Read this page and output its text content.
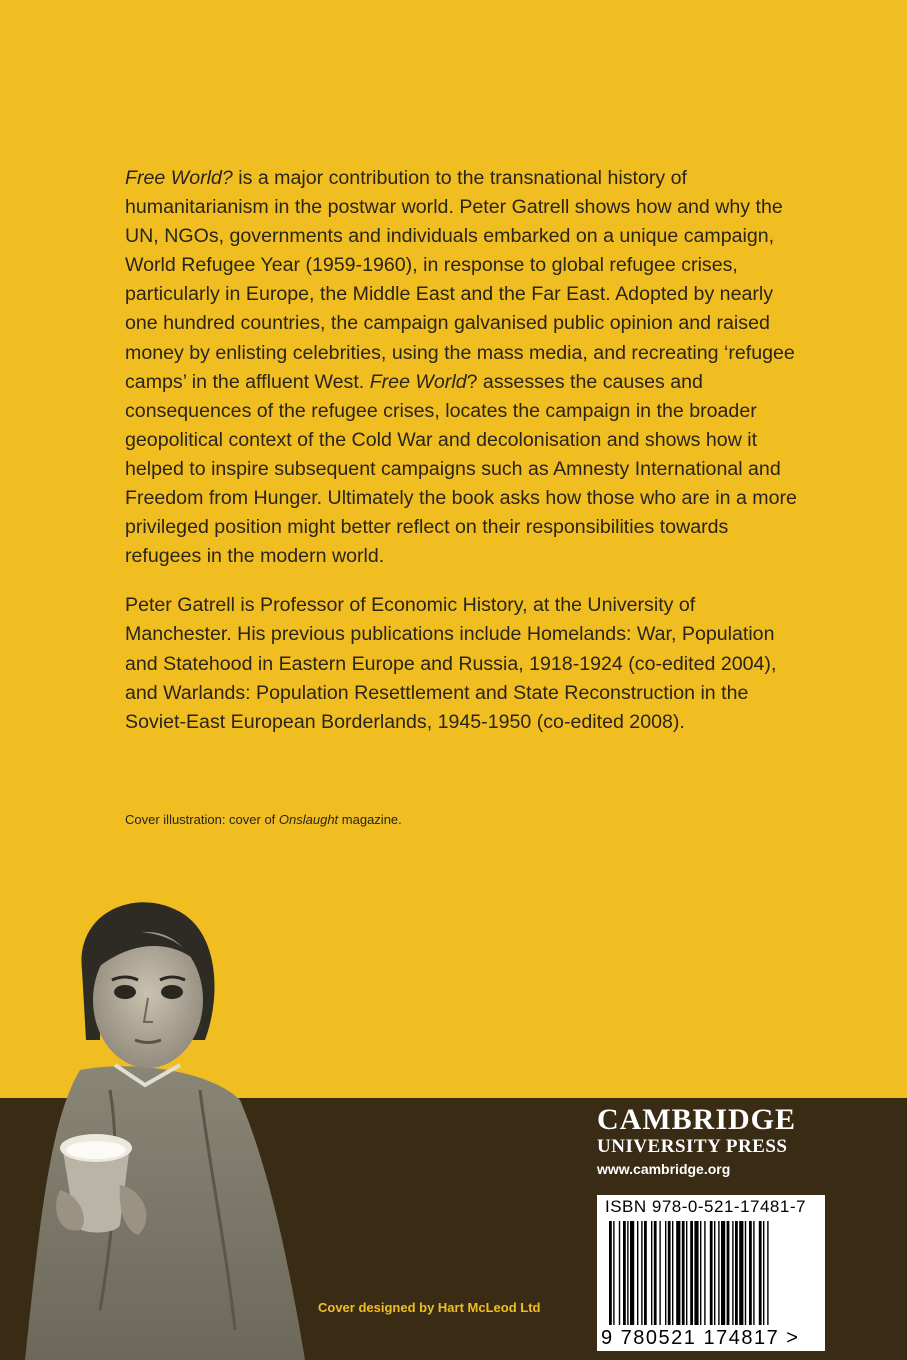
Free World? is a major contribution to the transnational history of humanitarianism in the postwar world. Peter Gatrell shows how and why the UN, NGOs, governments and individuals embarked on a unique campaign, World Refugee Year (1959-1960), in response to global refugee crises, particularly in Europe, the Middle East and the Far East. Adopted by nearly one hundred countries, the campaign galvanised public opinion and raised money by enlisting celebrities, using the mass media, and recreating ‘refugee camps’ in the affluent West. Free World? assesses the causes and consequences of the refugee crises, locates the campaign in the broader geopolitical context of the Cold War and decolonisation and shows how it helped to inspire subsequent campaigns such as Amnesty International and Freedom from Hunger. Ultimately the book asks how those who are in a more privileged position might better reflect on their responsibilities towards refugees in the modern world.

Peter Gatrell is Professor of Economic History, at the University of Manchester. His previous publications include Homelands: War, Population and Statehood in Eastern Europe and Russia, 1918-1924 (co-edited 2004), and Warlands: Population Resettlement and State Reconstruction in the Soviet-East European Borderlands, 1945-1950 (co-edited 2008).

Cover illustration: cover of Onslaught magazine.
Cover designed by Hart McLeod Ltd
CAMBRIDGE
UNIVERSITY PRESS
www.cambridge.org
ISBN 978-0-521-17481-7
9 780521 174817 >
